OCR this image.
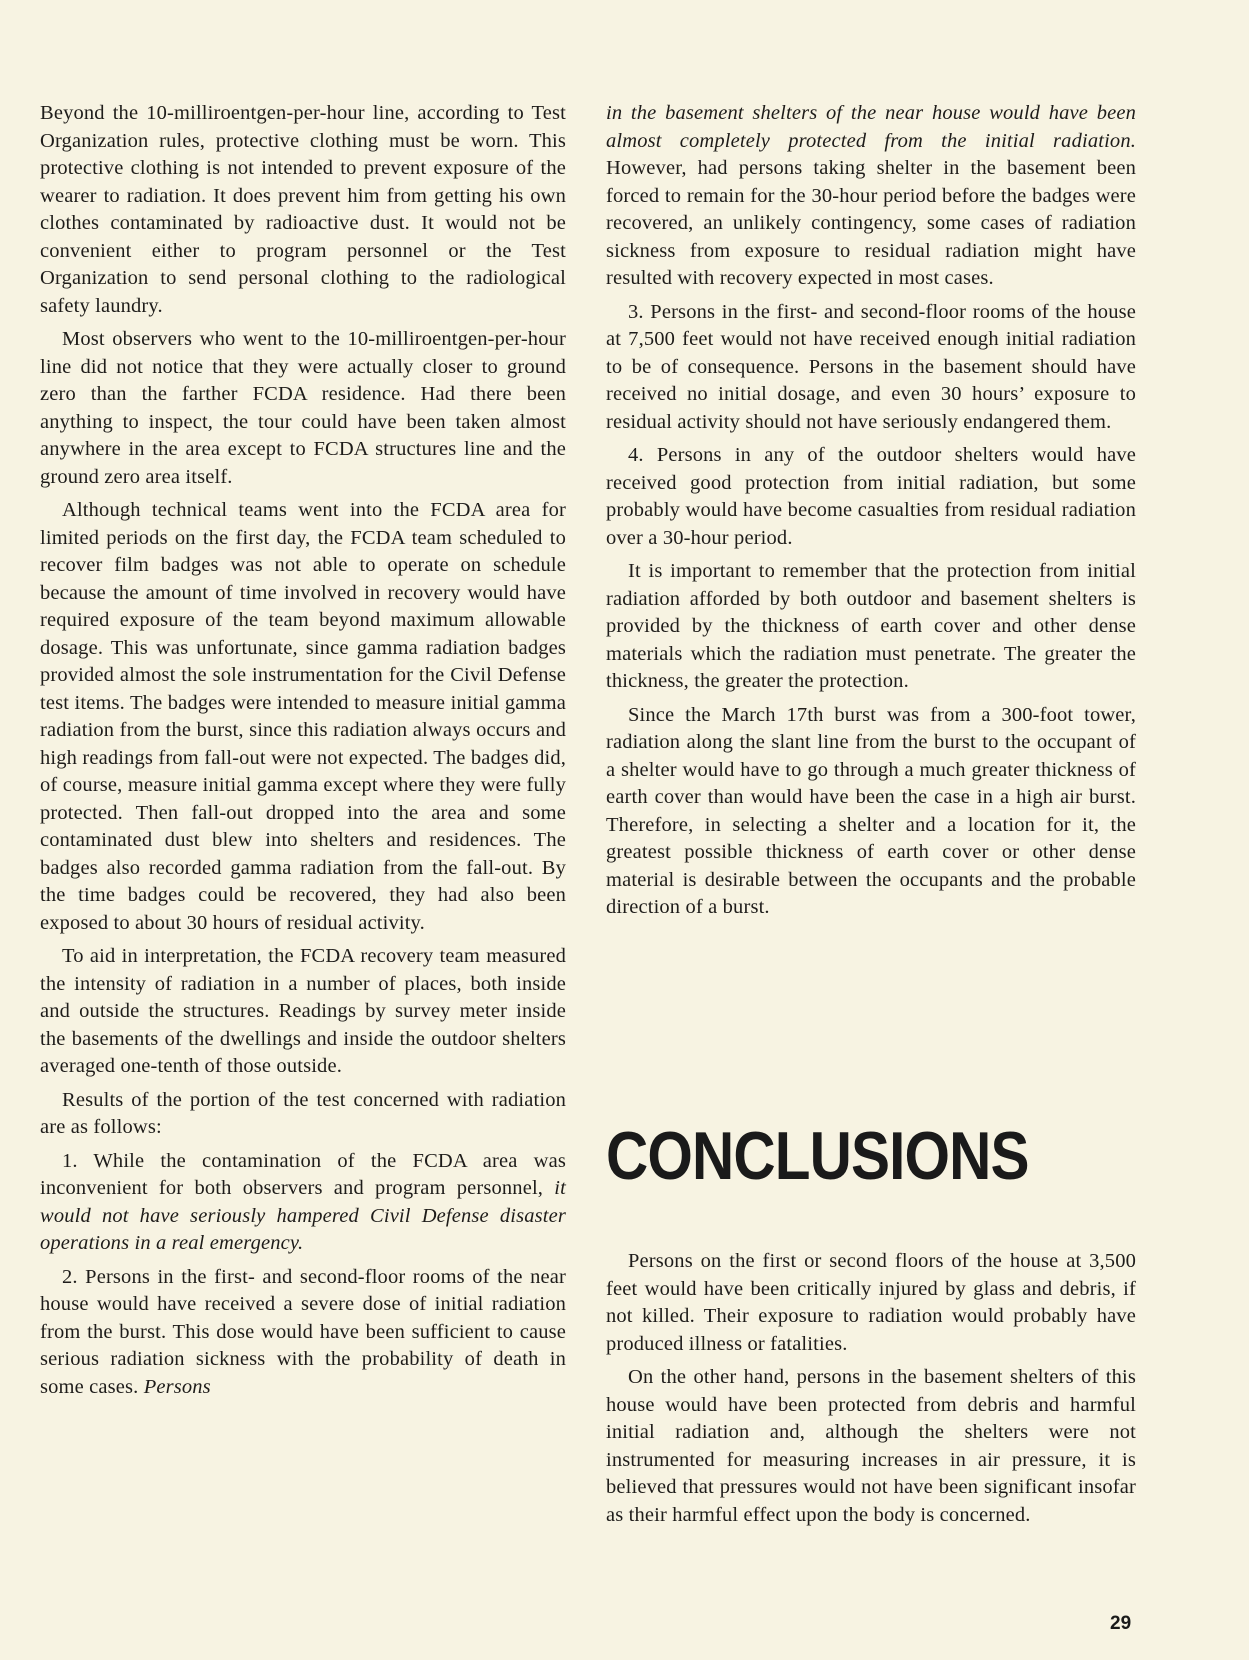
Beyond the 10-milliroentgen-per-hour line, according to Test Organization rules, protective clothing must be worn. This protective clothing is not intended to prevent exposure of the wearer to radiation. It does prevent him from getting his own clothes contaminated by radioactive dust. It would not be convenient either to program personnel or the Test Organization to send personal clothing to the radiological safety laundry.

Most observers who went to the 10-milliroentgen-per-hour line did not notice that they were actually closer to ground zero than the farther FCDA residence. Had there been anything to inspect, the tour could have been taken almost anywhere in the area except to FCDA structures line and the ground zero area itself.

Although technical teams went into the FCDA area for limited periods on the first day, the FCDA team scheduled to recover film badges was not able to operate on schedule because the amount of time involved in recovery would have required exposure of the team beyond maximum allowable dosage. This was unfortunate, since gamma radiation badges provided almost the sole instrumentation for the Civil Defense test items. The badges were intended to measure initial gamma radiation from the burst, since this radiation always occurs and high readings from fall-out were not expected. The badges did, of course, measure initial gamma except where they were fully protected. Then fall-out dropped into the area and some contaminated dust blew into shelters and residences. The badges also recorded gamma radiation from the fall-out. By the time badges could be recovered, they had also been exposed to about 30 hours of residual activity.

To aid in interpretation, the FCDA recovery team measured the intensity of radiation in a number of places, both inside and outside the structures. Readings by survey meter inside the basements of the dwellings and inside the outdoor shelters averaged one-tenth of those outside.

Results of the portion of the test concerned with radiation are as follows:

1. While the contamination of the FCDA area was inconvenient for both observers and program personnel, it would not have seriously hampered Civil Defense disaster operations in a real emergency.

2. Persons in the first- and second-floor rooms of the near house would have received a severe dose of initial radiation from the burst. This dose would have been sufficient to cause serious radiation sickness with the probability of death in some cases. Persons

in the basement shelters of the near house would have been almost completely protected from the initial radiation. However, had persons taking shelter in the basement been forced to remain for the 30-hour period before the badges were recovered, an unlikely contingency, some cases of radiation sickness from exposure to residual radiation might have resulted with recovery expected in most cases.

3. Persons in the first- and second-floor rooms of the house at 7,500 feet would not have received enough initial radiation to be of consequence. Persons in the basement should have received no initial dosage, and even 30 hours’ exposure to residual activity should not have seriously endangered them.

4. Persons in any of the outdoor shelters would have received good protection from initial radiation, but some probably would have become casualties from residual radiation over a 30-hour period.

It is important to remember that the protection from initial radiation afforded by both outdoor and basement shelters is provided by the thickness of earth cover and other dense materials which the radiation must penetrate. The greater the thickness, the greater the protection.

Since the March 17th burst was from a 300-foot tower, radiation along the slant line from the burst to the occupant of a shelter would have to go through a much greater thickness of earth cover than would have been the case in a high air burst. Therefore, in selecting a shelter and a location for it, the greatest possible thickness of earth cover or other dense material is desirable between the occupants and the probable direction of a burst.

CONCLUSIONS

Persons on the first or second floors of the house at 3,500 feet would have been critically injured by glass and debris, if not killed. Their exposure to radiation would probably have produced illness or fatalities.

On the other hand, persons in the basement shelters of this house would have been protected from debris and harmful initial radiation and, although the shelters were not instrumented for measuring increases in air pressure, it is believed that pressures would not have been significant insofar as their harmful effect upon the body is concerned.

29
